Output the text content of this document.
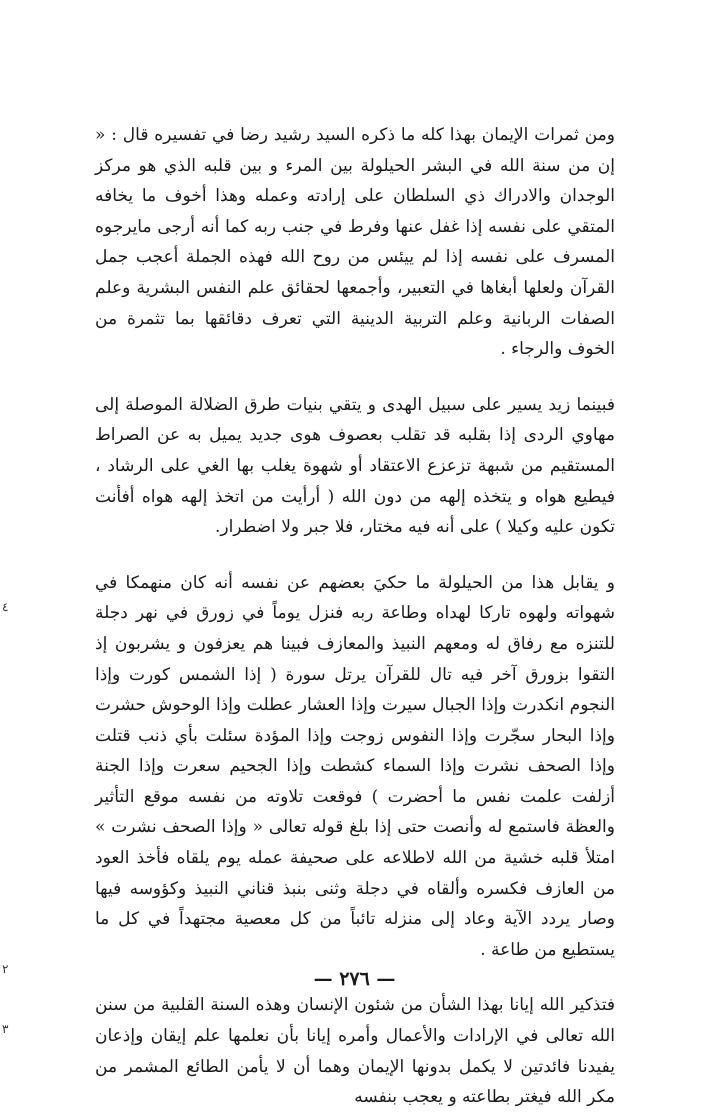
ومن ثمرات الإيمان بهذا كله ما ذكره السيد رشيد رضا في تفسيره قال : « إن من سنة الله في البشر الحيلولة بين المرء و بين قلبه الذي هو مركز الوجدان والادراك ذي السلطان على إرادته وعمله وهذا أخوف ما يخافه المتقي على نفسه إذا غفل عنها وفرط في جنب ربه كما أنه أرجى مايرجوه المسرف على نفسه إذا لم ييئس من روح الله فهذه الجملة أعجب جمل القرآن ولعلها أبغاها في التعبير، وأجمعها لحقائق علم النفس البشرية وعلم الصفات الربانية وعلم التربية الدينية التي تعرف دقائقها بما تثمرة من الخوف والرجاء .

فبينما زيد يسير على سبيل الهدى و يتقي بنيات طرق الضلالة الموصلة إلى مهاوي الردى إذا بقلبه قد تقلب بعصوف هوى جديد يميل به عن الصراط المستقيم من شبهة تزعزع الاعتقاد أو شهوة يغلب بها الغي على الرشاد ، فيطيع هواه و يتخذه إلهه من دون الله ( أرأيت من اتخذ إلهه هواه أفأنت تكون عليه وكيلا ) على أنه فيه مختار، فلا جبر ولا اضطرار.

و يقابل هذا من الحيلولة ما حكيَ بعضهم عن نفسه أنه كان منهمكا في شهواته ولهوه تاركا لهداه وطاعة ربه فنزل يوماً في زورق في نهر دجلة للتنزه مع رفاق له ومعهم النبيذ والمعازف فبينا هم يعزفون و يشربون إذ التقوا بزورق آخر فيه تال للقرآن يرتل سورة ( إذا الشمس كورت وإذا النجوم انكدرت وإذا الجبال سيرت وإذا العشار عطلت وإذا الوحوش حشرت وإذا البحار سجّرت وإذا النفوس زوجت وإذا المؤدة سئلت بأي ذنب قتلت وإذا الصحف نشرت وإذا السماء كشطت وإذا الجحيم سعرت وإذا الجنة أزلفت علمت نفس ما أحضرت ) فوقعت تلاوته من نفسه موقع التأثير والعظة فاستمع له وأنصت حتى إذا بلغ قوله تعالى « وإذا الصحف نشرت » امتلأ قلبه خشية من الله لاطلاعه على صحيفة عمله يوم يلقاه فأخذ العود من العازف فكسره وألقاه في دجلة وثنى بنبذ قناني النبيذ وكؤوسه فيها وصار يردد الآية وعاد إلى منزله تائباً من كل معصية مجتهداً في كل ما يستطيع من طاعة .

فتذكير الله إيانا بهذا الشأن من شئون الإنسان وهذه السنة القلبية من سنن الله تعالى في الإرادات والأعمال وأمره إيانا بأن نعلمها علم إيقان وإذعان يفيدنا فائدتين لا يكمل بدونها الإيمان وهما أن لا يأمن الطائع المشمر من مكر الله فيغتر بطاعته و يعجب بنفسه

— ٢٧٦ —
٤
٢
٣
